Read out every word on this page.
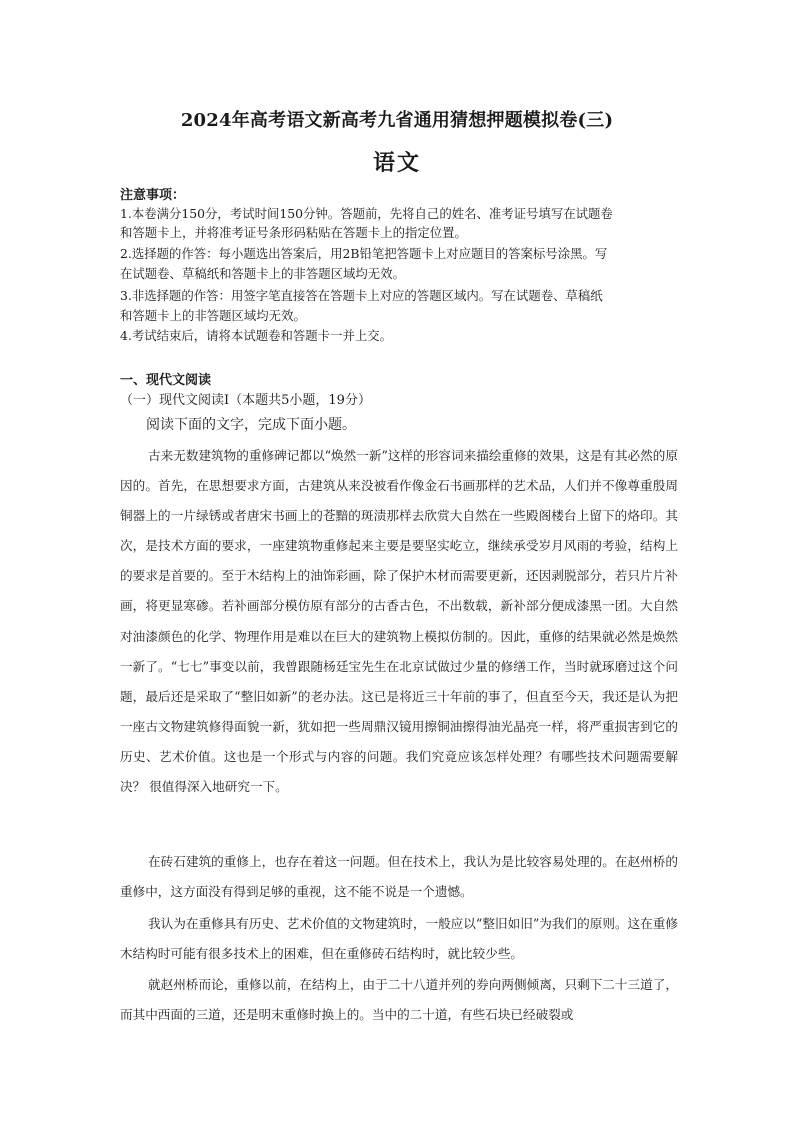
2024年高考语文新高考九省通用猜想押题模拟卷(三)
语文
注意事项：
1.本卷满分150分，考试时间150分钟。答题前，先将自己的姓名、准考证号填写在试题卷
和答题卡上，并将准考证号条形码粘贴在答题卡上的指定位置。
2.选择题的作答：每小题选出答案后，用2B铅笔把答题卡上对应题目的答案标号涂黑。写
在试题卷、草稿纸和答题卡上的非答题区域均无效。
3.非选择题的作答：用签字笔直接答在答题卡上对应的答题区域内。写在试题卷、草稿纸
和答题卡上的非答题区域均无效。
4.考试结束后，请将本试题卷和答题卡一并上交。
一、现代文阅读
（一）现代文阅读Ⅰ（本题共5小题，19分）
阅读下面的文字，完成下面小题。

古来无数建筑物的重修碑记都以“焕然一新”这样的形容词来描绘重修的效果，这是有其必然的原因的。首先，在思想要求方面，古建筑从来没被看作像金石书画那样的艺术品，人们并不像尊重殷周铜器上的一片绿锈或者唐宋书画上的苍黯的斑渍那样去欣赏大自然在一些殿阁楼台上留下的烙印。其次，是技术方面的要求，一座建筑物重修起来主要是要坚实屹立，继续承受岁月风雨的考验，结构上的要求是首要的。至于木结构上的油饰彩画，除了保护木材而需要更新，还因剥脱部分，若只片片补画，将更显寒碜。若补画部分模仿原有部分的古香古色，不出数载，新补部分便成漆黑一团。大自然对油漆颜色的化学、物理作用是难以在巨大的建筑物上模拟仿制的。因此，重修的结果就必然是焕然一新了。“七七”事变以前，我曾跟随杨廷宝先生在北京试做过少量的修缮工作，当时就琢磨过这个问题，最后还是采取了“整旧如新”的老办法。这已是将近三十年前的事了，但直至今天，我还是认为把一座古文物建筑修得面貌一新，犹如把一些周鼎汉镜用擦铜油擦得油光晶亮一样，将严重损害到它的历史、艺术价值。这也是一个形式与内容的问题。我们究竟应该怎样处理？有哪些技术问题需要解决？ 很值得深入地研究一下。

在砖石建筑的重修上，也存在着这一问题。但在技术上，我认为是比较容易处理的。在赵州桥的重修中，这方面没有得到足够的重视，这不能不说是一个遗憾。

我认为在重修具有历史、艺术价值的文物建筑时，一般应以“整旧如旧”为我们的原则。这在重修木结构时可能有很多技术上的困难，但在重修砖石结构时，就比较少些。

就赵州桥而论，重修以前，在结构上，由于二十八道并列的券向两侧倾离，只剩下二十三道了，而其中西面的三道，还是明末重修时换上的。当中的二十道，有些石块已经破裂或
